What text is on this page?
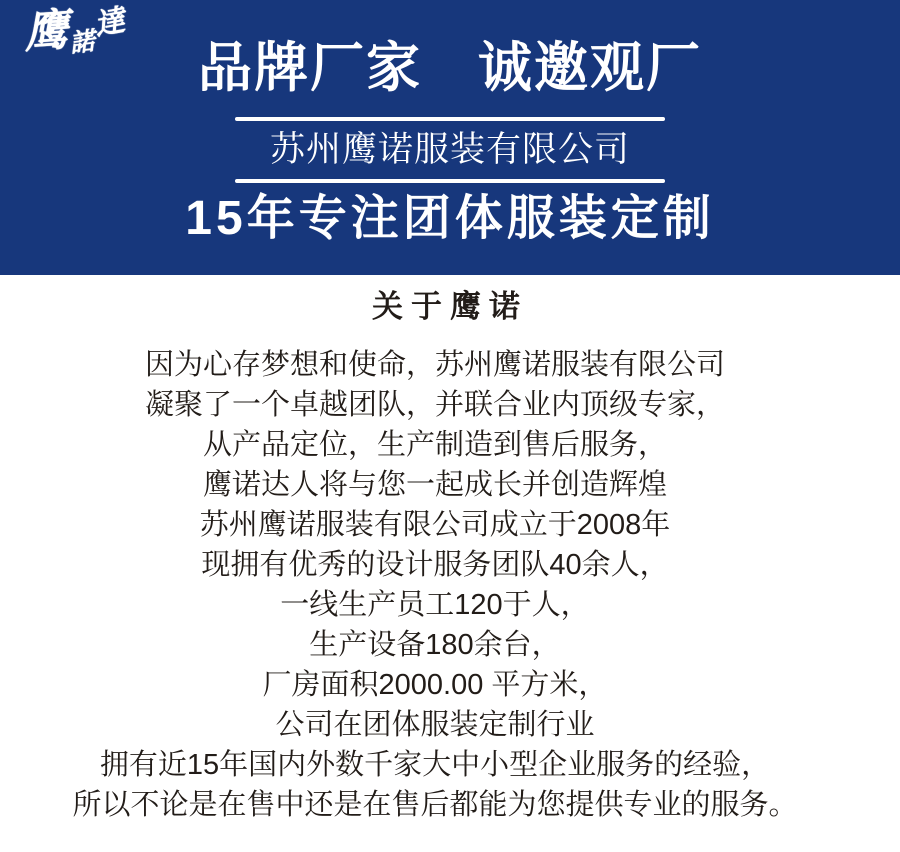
鹰諾達
品牌厂家　诚邀观厂
苏州鹰诺服装有限公司
15年专注团体服装定制
关于鹰诺

因为心存梦想和使命，苏州鹰诺服装有限公司

凝聚了一个卓越团队，并联合业内顶级专家，

从产品定位，生产制造到售后服务，

鹰诺达人将与您一起成长并创造辉煌

苏州鹰诺服装有限公司成立于2008年

现拥有优秀的设计服务团队40余人，

一线生产员工120于人，

生产设备180余台，

厂房面积2000.00 平方米，

公司在团体服装定制行业

拥有近15年国内外数千家大中小型企业服务的经验，

所以不论是在售中还是在售后都能为您提供专业的服务。
